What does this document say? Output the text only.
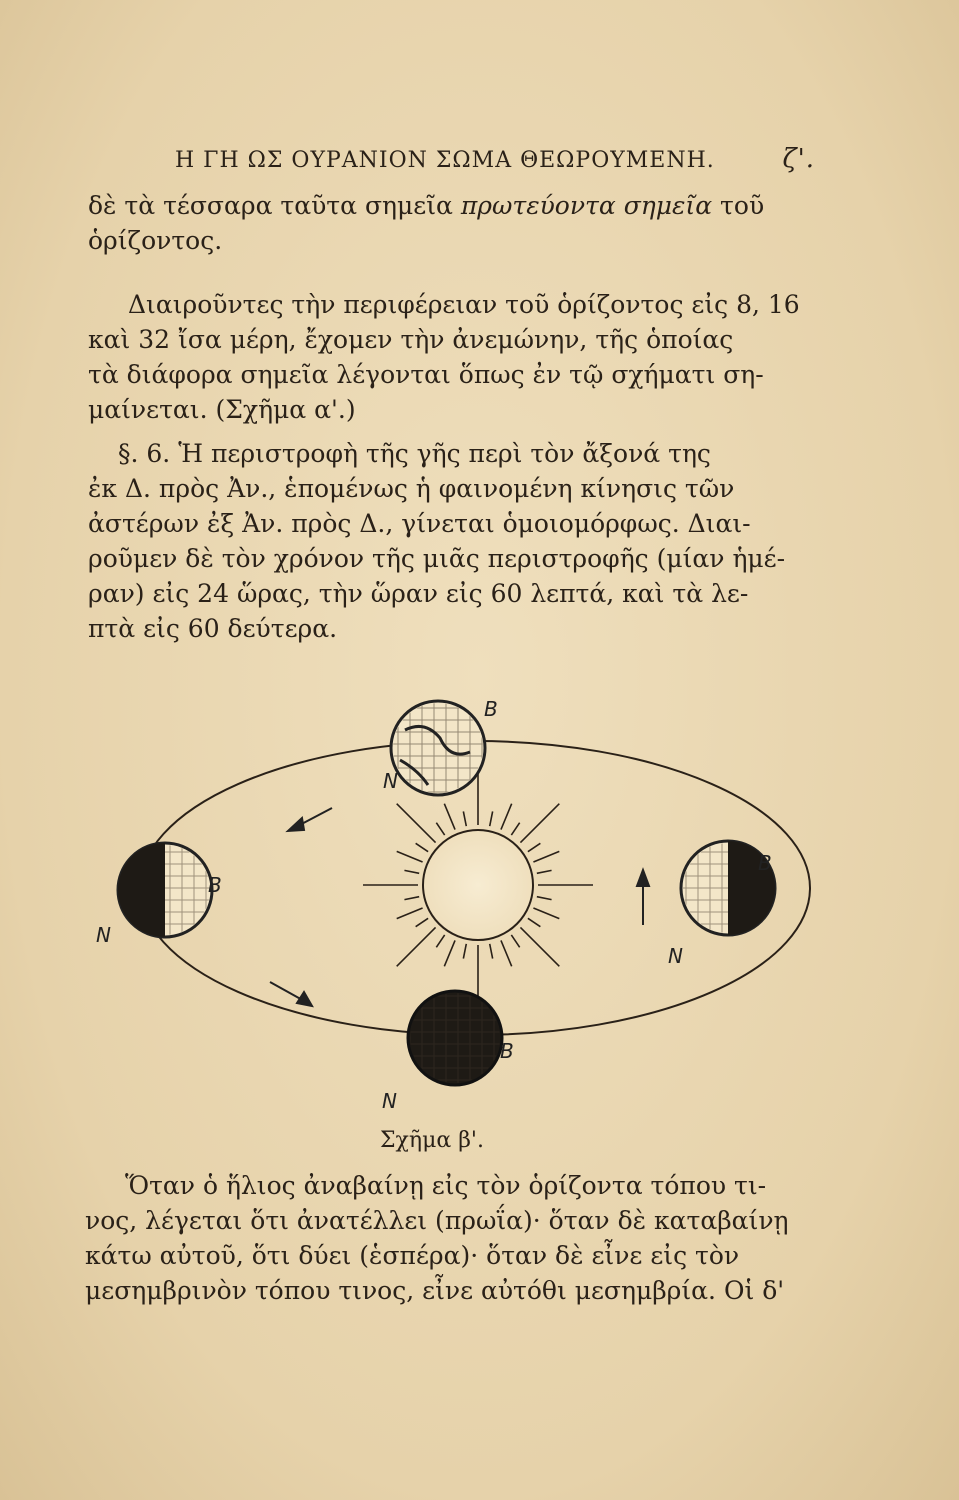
Η ΓΗ ΩΣ ΟΥΡΑΝΙΟΝ ΣΩΜΑ ΘΕΩΡΟΥΜΕΝΗ.	ζ'.

δὲ τὰ τέσσαρα ταῦτα σημεῖα πρωτεύοντα σημεῖα τοῦ

ὁρίζοντος.

Διαιροῦντες τὴν περιφέρειαν τοῦ ὁρίζοντος εἰς 8, 16

καὶ 32 ἴσα μέρη, ἔχομεν τὴν ἀνεμώνην, τῆς ὁποίας

τὰ διάφορα σημεῖα λέγονται ὅπως ἐν τῷ σχήματι ση-

μαίνεται. (Σχῆμα α'.)

§. 6. Ἡ περιστροφὴ τῆς γῆς περὶ τὸν ἄξονά της

ἐκ Δ. πρὸς Ἀν., ἑπομένως ἡ φαινομένη κίνησις τῶν

ἀστέρων ἐξ Ἀν. πρὸς Δ., γίνεται ὁμοιομόρφως. Διαι-

ροῦμεν δὲ τὸν χρόνον τῆς μιᾶς περιστροφῆς (μίαν ἡμέ-

ραν) εἰς 24 ὥρας, τὴν ὥραν εἰς 60 λεπτά, καὶ τὰ λε-

πτὰ εἰς 60 δεύτερα.

B
N
B
N
B
N
B
N
Σχῆμα β'.

Ὅταν ὁ ἥλιος ἀναβαίνῃ εἰς τὸν ὁρίζοντα τόπου τι-

νος, λέγεται ὅτι ἀνατέλλει (πρωΐα)· ὅταν δὲ καταβαίνῃ

κάτω αὐτοῦ, ὅτι δύει (ἑσπέρα)· ὅταν δὲ εἶνε εἰς τὸν

μεσημβρινὸν τόπου τινος, εἶνε αὐτόθι μεσημβρία. Οἱ δ'
